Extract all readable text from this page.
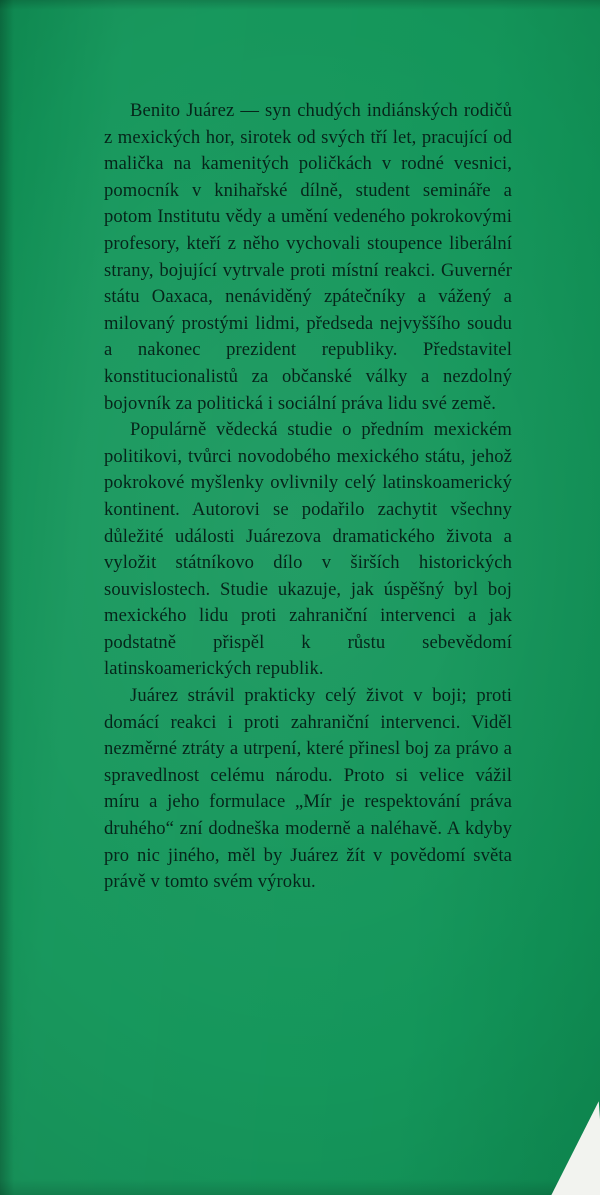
Benito Juárez — syn chudých indiánských rodičů z mexických hor, sirotek od svých tří let, pracující od malička na kamenitých poličkách v rodné vesnici, pomocník v knihařské dílně, student semináře a potom Institutu vědy a umění vedeného pokrokovými profesory, kteří z něho vychovali stoupence liberální strany, bojující vytrvale proti místní reakci. Guvernér státu Oaxaca, nenáviděný zpátečníky a vážený a milovaný prostými lidmi, předseda nejvyššího soudu a nakonec prezident republiky. Představitel konstitucionalistů za občanské války a nezdolný bojovník za politická i sociální práva lidu své země.

Populárně vědecká studie o předním mexickém politikovi, tvůrci novodobého mexického státu, jehož pokrokové myšlenky ovlivnily celý latinskoamerický kontinent. Autorovi se podařilo zachytit všechny důležité události Juárezova dramatického života a vyložit státníkovo dílo v širších historických souvislostech. Studie ukazuje, jak úspěšný byl boj mexického lidu proti zahraniční intervenci a jak podstatně přispěl k růstu sebevědomí latinskoamerických republik.

Juárez strávil prakticky celý život v boji; proti domácí reakci i proti zahraniční intervenci. Viděl nezměrné ztráty a utrpení, které přinesl boj za právo a spravedlnost celému národu. Proto si velice vážil míru a jeho formulace „Mír je respektování práva druhého“ zní dodneška moderně a naléhavě. A kdyby pro nic jiného, měl by Juárez žít v povědomí světa právě v tomto svém výroku.
